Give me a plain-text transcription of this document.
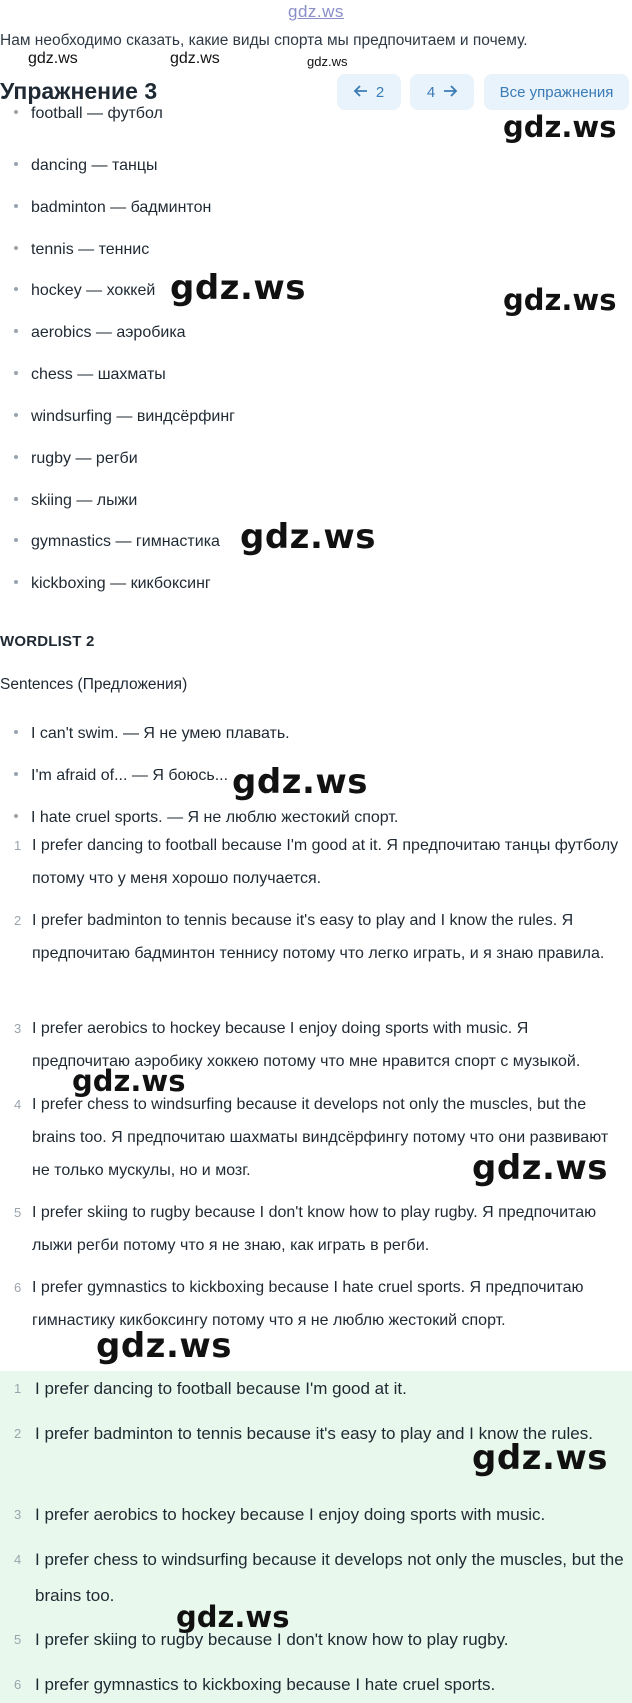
gdz.ws
Нам необходимо сказать, какие виды спорта мы предпочитаем и почему.
gdz.ws	gdz.ws	gdz.ws
Упражнение 3	2	4	Все упражнения
football — футбол
dancing — танцы
badminton — бадминтон
tennis — теннис
hockey — хоккей
aerobics — аэробика
chess — шахматы
windsurfing — виндсёрфинг
rugby — регби
skiing — лыжи
gymnastics — гимнастика
kickboxing — кикбоксинг
WORDLIST 2
Sentences (Предложения)
I can't swim. — Я не умею плавать.
I'm afraid of... — Я боюсь...
I hate cruel sports. — Я не люблю жестокий спорт.
1 I prefer dancing to football because I'm good at it. Я предпочитаю танцы футболу потому что у меня хорошо получается.
2 I prefer badminton to tennis because it's easy to play and I know the rules. Я предпочитаю бадминтон теннису потому что легко играть, и я знаю правила.
3 I prefer aerobics to hockey because I enjoy doing sports with music. Я предпочитаю аэробику хоккею потому что мне нравится спорт с музыкой.
4 I prefer chess to windsurfing because it develops not only the muscles, but the brains too. Я предпочитаю шахматы виндсёрфингу потому что они развивают не только мускулы, но и мозг.
5 I prefer skiing to rugby because I don't know how to play rugby. Я предпочитаю лыжи регби потому что я не знаю, как играть в регби.
6 I prefer gymnastics to kickboxing because I hate cruel sports. Я предпочитаю гимнастику кикбоксингу потому что я не люблю жестокий спорт.
1 I prefer dancing to football because I'm good at it.
2 I prefer badminton to tennis because it's easy to play and I know the rules.
3 I prefer aerobics to hockey because I enjoy doing sports with music.
4 I prefer chess to windsurfing because it develops not only the muscles, but the brains too.
5 I prefer skiing to rugby because I don't know how to play rugby.
6 I prefer gymnastics to kickboxing because I hate cruel sports.
gdz.ws
gdz.ws	gdz.ws
gdz.ws
gdz.ws
gdz.ws
gdz.ws
gdz.ws
gdz.ws
gdz.ws
